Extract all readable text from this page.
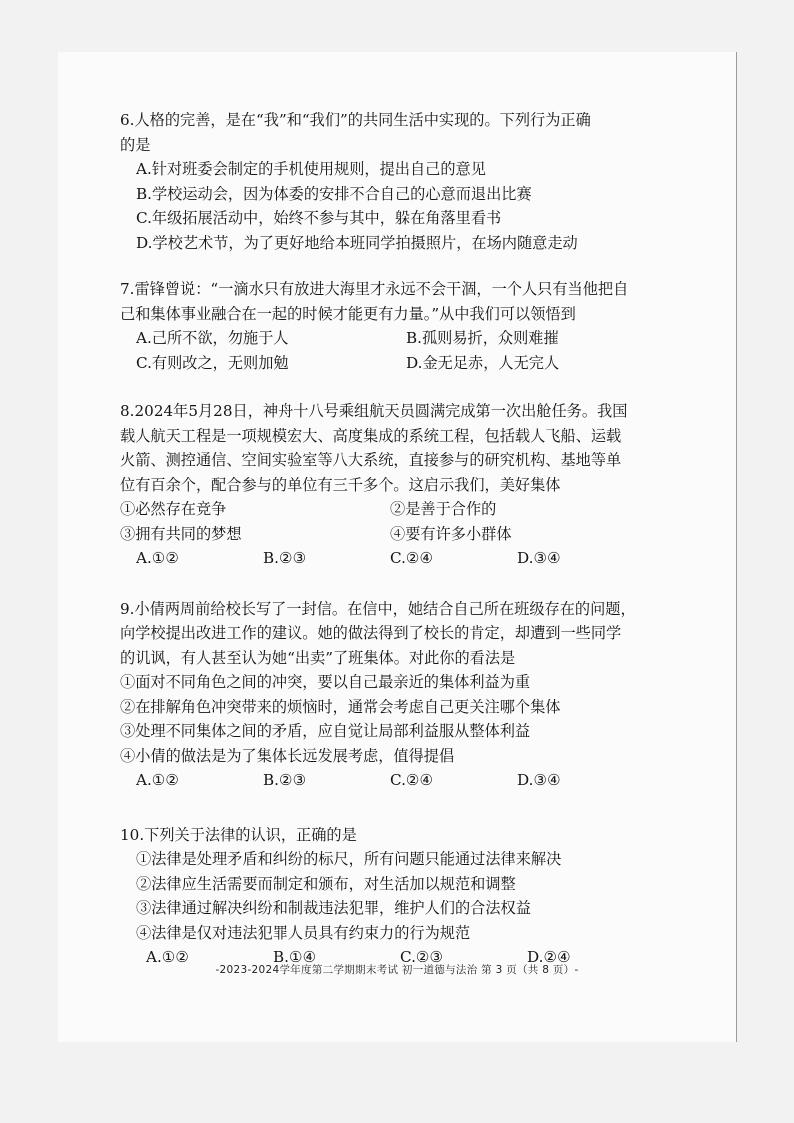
6.人格的完善，是在“我”和“我们”的共同生活中实现的。下列行为正确
的是
A.针对班委会制定的手机使用规则，提出自己的意见
B.学校运动会，因为体委的安排不合自己的心意而退出比赛
C.年级拓展活动中，始终不参与其中，躲在角落里看书
D.学校艺术节，为了更好地给本班同学拍摄照片，在场内随意走动
7.雷锋曾说：“一滴水只有放进大海里才永远不会干涸，一个人只有当他把自
己和集体事业融合在一起的时候才能更有力量。”从中我们可以领悟到
A.己所不欲，勿施于人	B.孤则易折，众则难摧
C.有则改之，无则加勉	D.金无足赤，人无完人
8.2024年5月28日，神舟十八号乘组航天员圆满完成第一次出舱任务。我国
载人航天工程是一项规模宏大、高度集成的系统工程，包括载人飞船、运载
火箭、测控通信、空间实验室等八大系统，直接参与的研究机构、基地等单
位有百余个，配合参与的单位有三千多个。这启示我们，美好集体
①必然存在竞争	②是善于合作的
③拥有共同的梦想	④要有许多小群体
A.①②	B.②③	C.②④	D.③④
9.小倩两周前给校长写了一封信。在信中，她结合自己所在班级存在的问题，
向学校提出改进工作的建议。她的做法得到了校长的肯定，却遭到一些同学
的讥讽，有人甚至认为她“出卖”了班集体。对此你的看法是
①面对不同角色之间的冲突，要以自己最亲近的集体利益为重
②在排解角色冲突带来的烦恼时，通常会考虑自己更关注哪个集体
③处理不同集体之间的矛盾，应自觉让局部利益服从整体利益
④小倩的做法是为了集体长远发展考虑，值得提倡
A.①②	B.②③	C.②④	D.③④
10.下列关于法律的认识，正确的是
①法律是处理矛盾和纠纷的标尺，所有问题只能通过法律来解决
②法律应生活需要而制定和颁布，对生活加以规范和调整
③法律通过解决纠纷和制裁违法犯罪，维护人们的合法权益
④法律是仅对违法犯罪人员具有约束力的行为规范
A.①②	B.①④	C.②③	D.②④
-2023-2024学年度第二学期期末考试 初一道德与法治 第 3 页（共 8 页）-
